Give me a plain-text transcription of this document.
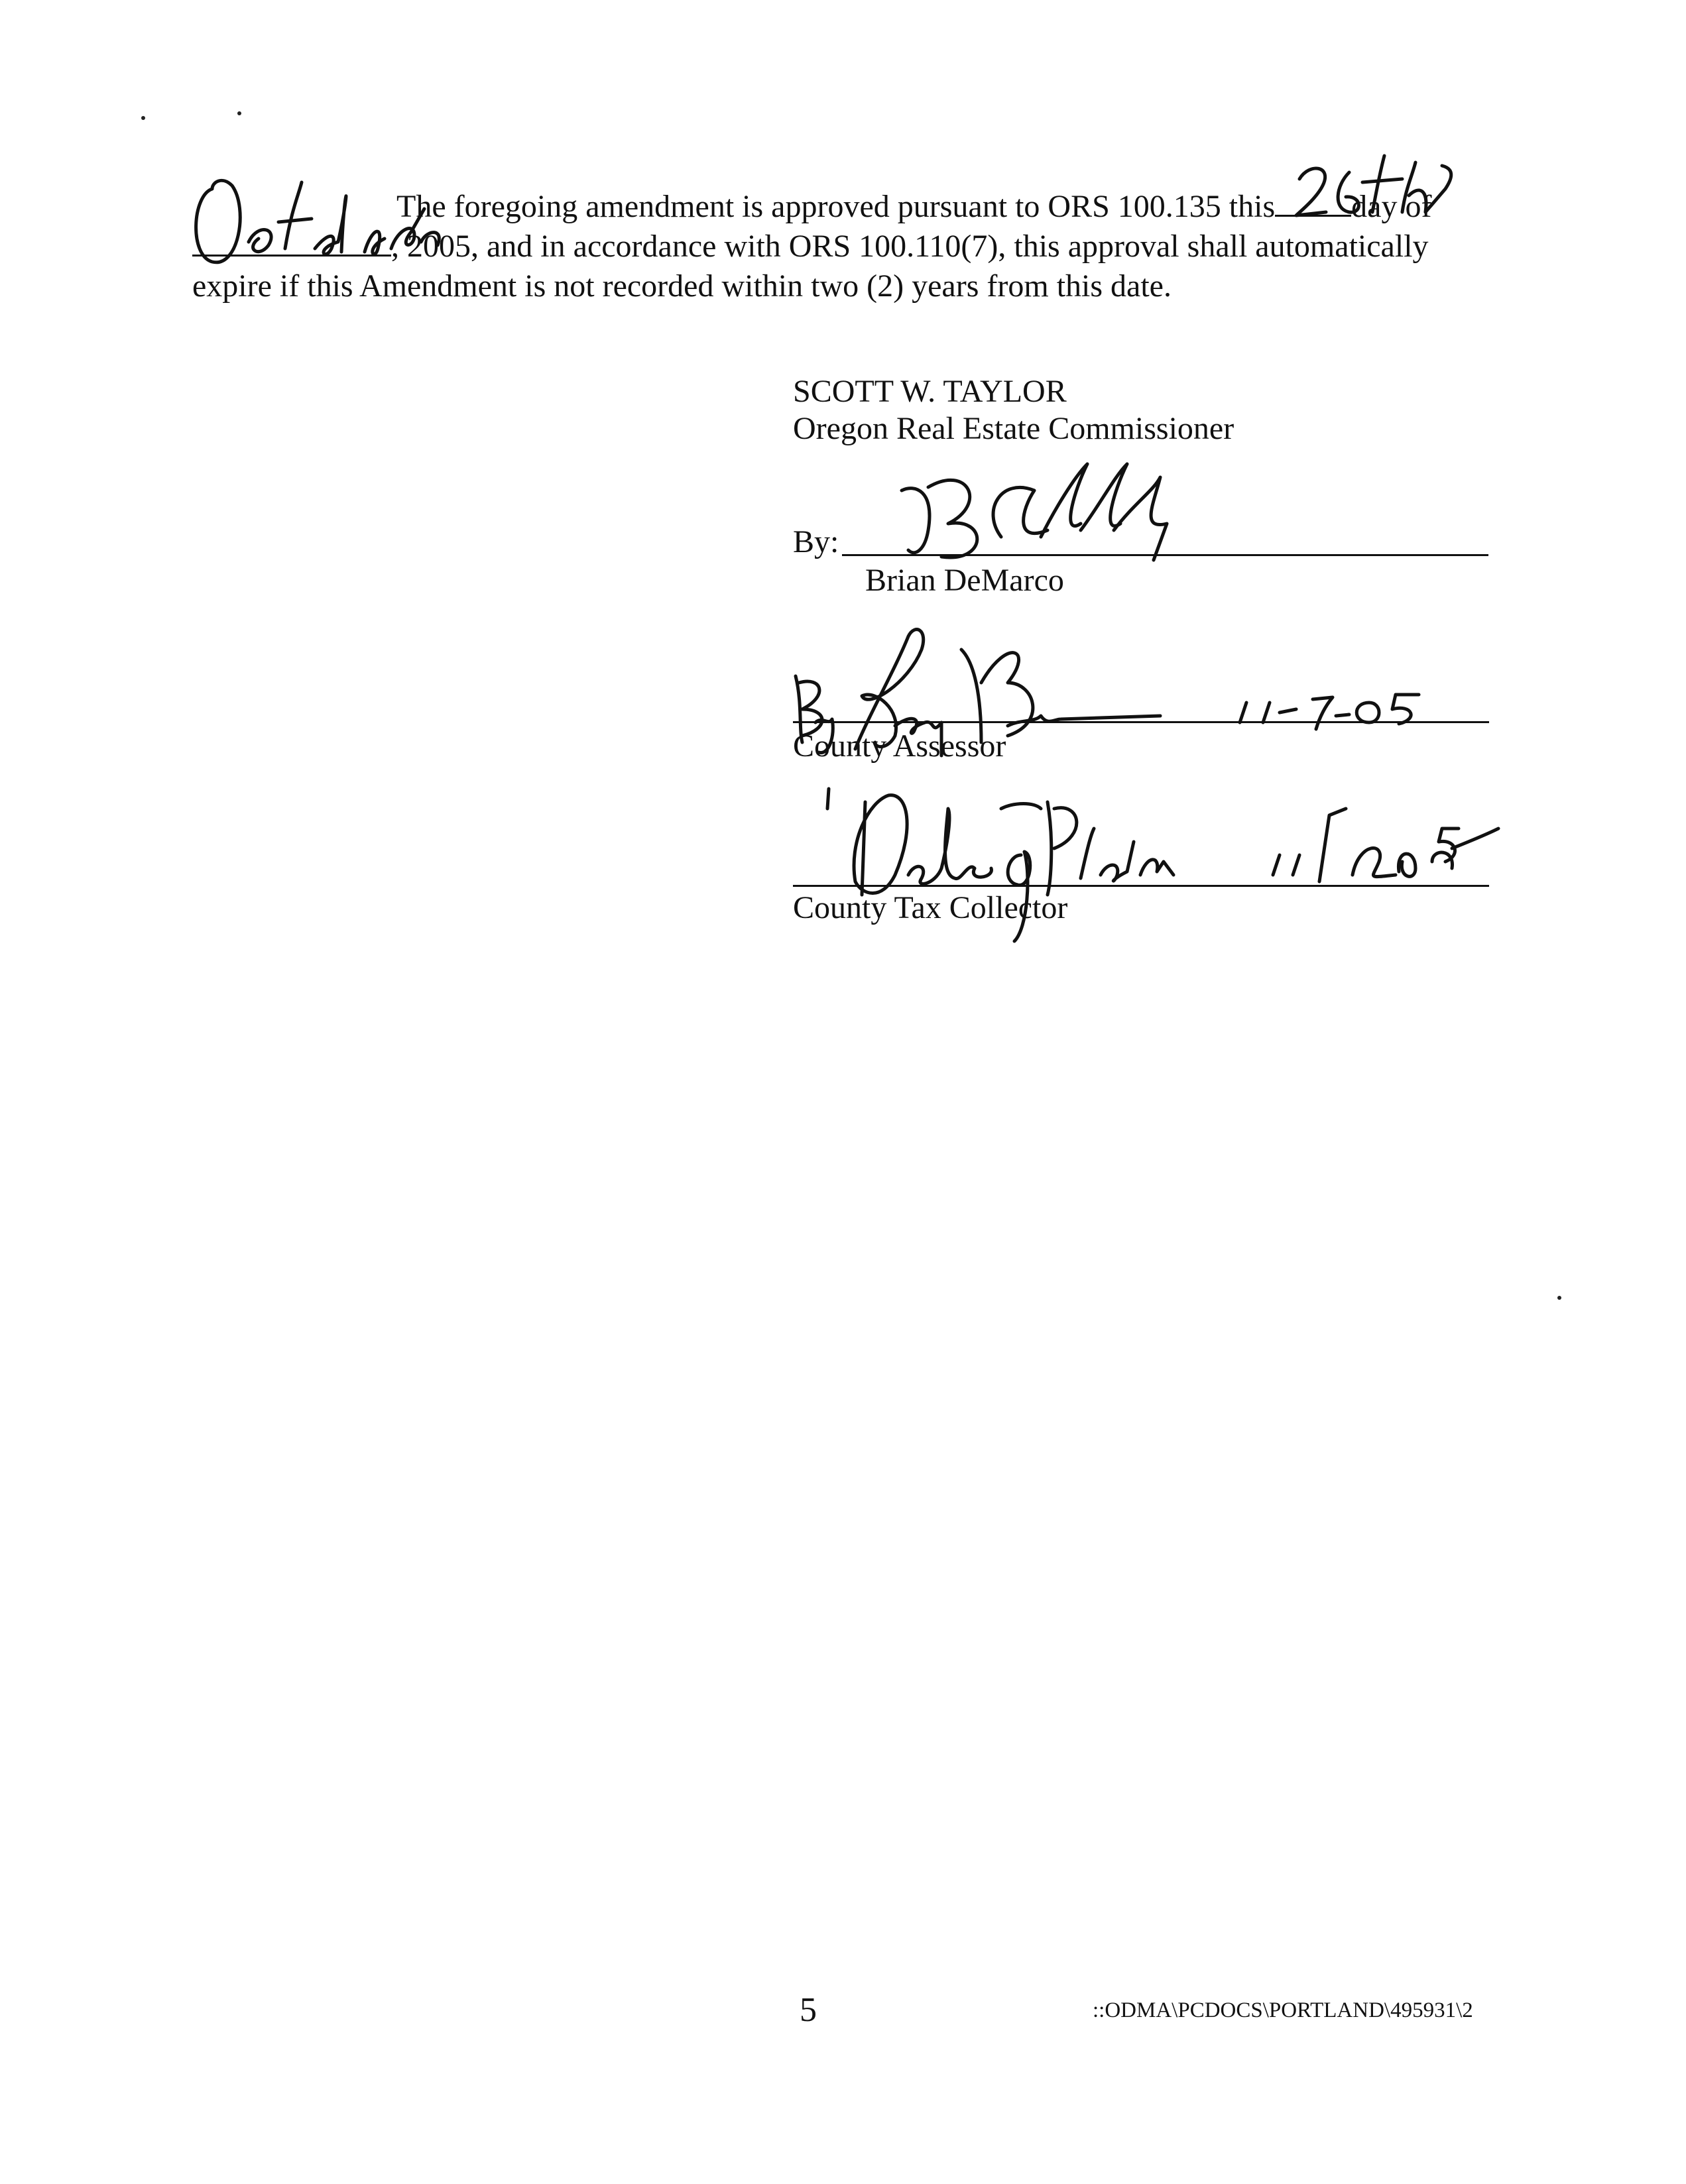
The foregoing amendment is approved pursuant to ORS 100.135 this day of
, 2005, and in accordance with ORS 100.110(7), this approval shall automatically
expire if this Amendment is not recorded within two (2) years from this date.
SCOTT W. TAYLOR
Oregon Real Estate Commissioner
By:
Brian DeMarco
County Assessor
County Tax Collector
5	::ODMA\PCDOCS\PORTLAND\495931\2
